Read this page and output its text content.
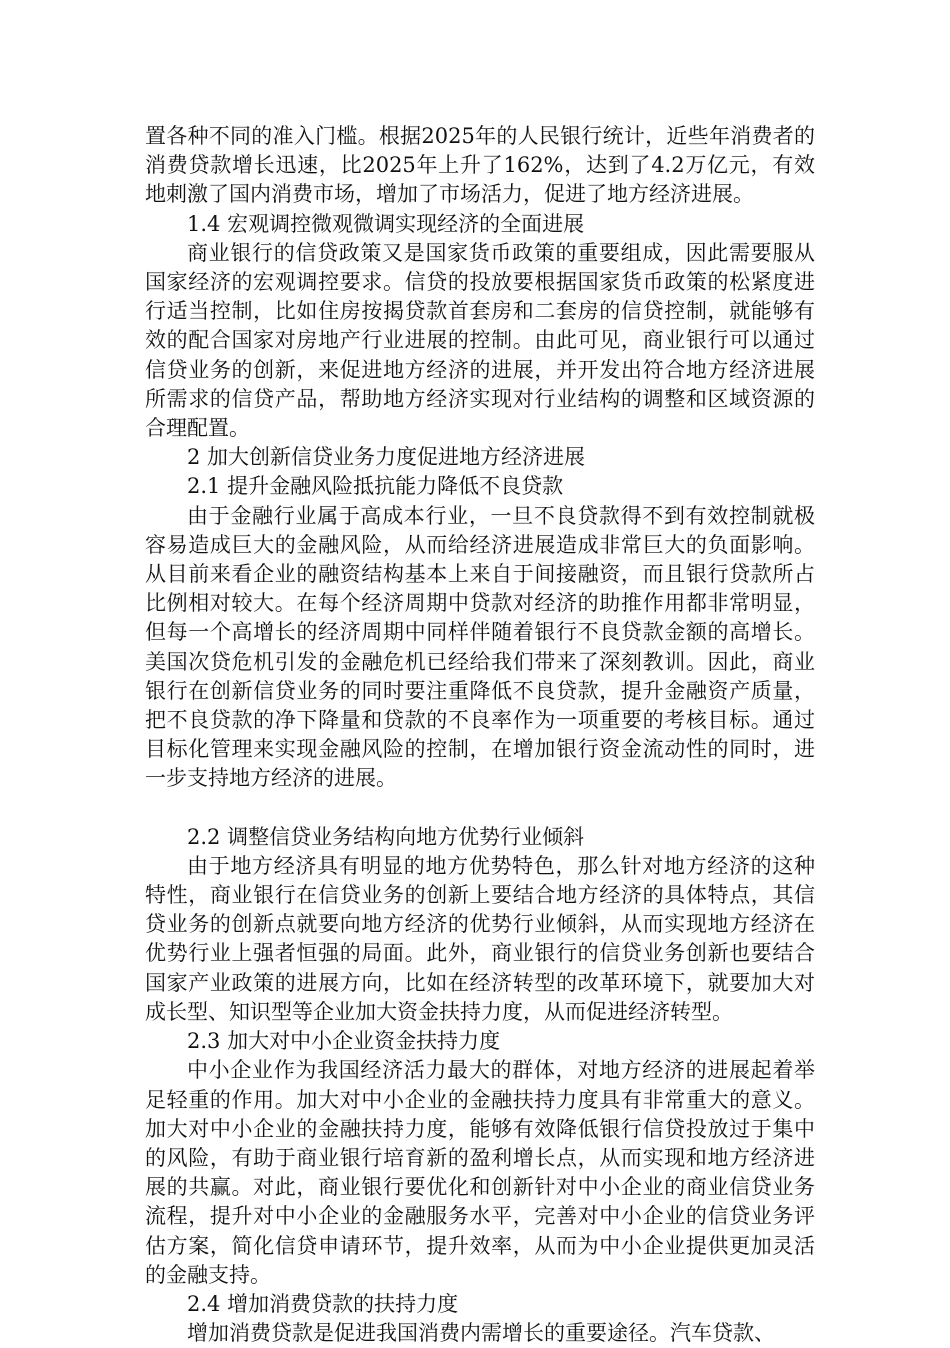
置各种不同的准入门槛。根据2025年的人民银行统计，近些年消费者的消费贷款增长迅速，比2025年上升了162%，达到了4.2万亿元，有效地刺激了国内消费市场，增加了市场活力，促进了地方经济进展。

1.4 宏观调控微观微调实现经济的全面进展

商业银行的信贷政策又是国家货币政策的重要组成，因此需要服从国家经济的宏观调控要求。信贷的投放要根据国家货币政策的松紧度进行适当控制，比如住房按揭贷款首套房和二套房的信贷控制，就能够有效的配合国家对房地产行业进展的控制。由此可见，商业银行可以通过信贷业务的创新，来促进地方经济的进展，并开发出符合地方经济进展所需求的信贷产品，帮助地方经济实现对行业结构的调整和区域资源的合理配置。

2 加大创新信贷业务力度促进地方经济进展

2.1 提升金融风险抵抗能力降低不良贷款

由于金融行业属于高成本行业，一旦不良贷款得不到有效控制就极容易造成巨大的金融风险，从而给经济进展造成非常巨大的负面影响。从目前来看企业的融资结构基本上来自于间接融资，而且银行贷款所占比例相对较大。在每个经济周期中贷款对经济的助推作用都非常明显，但每一个高增长的经济周期中同样伴随着银行不良贷款金额的高增长。美国次贷危机引发的金融危机已经给我们带来了深刻教训。因此，商业银行在创新信贷业务的同时要注重降低不良贷款，提升金融资产质量，把不良贷款的净下降量和贷款的不良率作为一项重要的考核目标。通过目标化管理来实现金融风险的控制，在增加银行资金流动性的同时，进一步支持地方经济的进展。

2.2 调整信贷业务结构向地方优势行业倾斜

由于地方经济具有明显的地方优势特色，那么针对地方经济的这种特性，商业银行在信贷业务的创新上要结合地方经济的具体特点，其信贷业务的创新点就要向地方经济的优势行业倾斜，从而实现地方经济在优势行业上强者恒强的局面。此外，商业银行的信贷业务创新也要结合国家产业政策的进展方向，比如在经济转型的改革环境下，就要加大对成长型、知识型等企业加大资金扶持力度，从而促进经济转型。

2.3 加大对中小企业资金扶持力度

中小企业作为我国经济活力最大的群体，对地方经济的进展起着举足轻重的作用。加大对中小企业的金融扶持力度具有非常重大的意义。加大对中小企业的金融扶持力度，能够有效降低银行信贷投放过于集中的风险，有助于商业银行培育新的盈利增长点，从而实现和地方经济进展的共赢。对此，商业银行要优化和创新针对中小企业的商业信贷业务流程，提升对中小企业的金融服务水平，完善对中小企业的信贷业务评估方案，简化信贷申请环节，提升效率，从而为中小企业提供更加灵活的金融支持。

2.4 增加消费贷款的扶持力度

增加消费贷款是促进我国消费内需增长的重要途径。汽车贷款、
